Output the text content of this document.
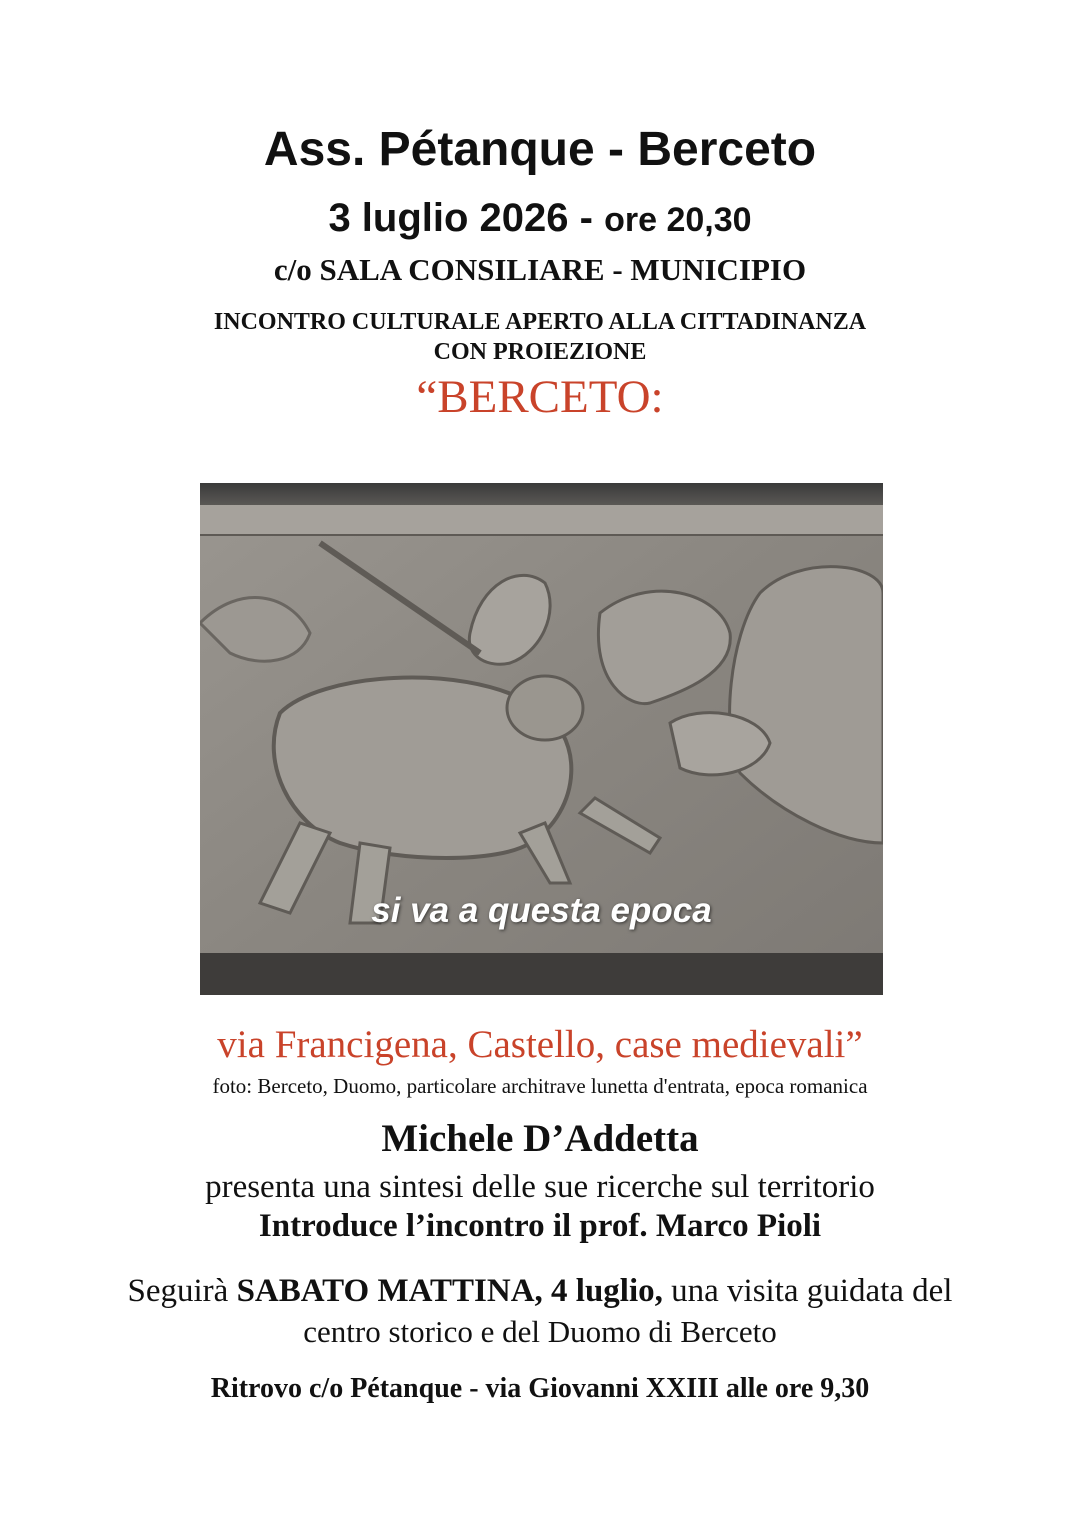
Ass. Pétanque - Berceto
3 luglio 2026 - ore 20,30
c/o SALA CONSILIARE - MUNICIPIO
INCONTRO CULTURALE APERTO ALLA CITTADINANZA
CON PROIEZIONE
“BERCETO:
si va a questa epoca
via Francigena, Castello, case medievali”
foto: Berceto, Duomo, particolare architrave lunetta d'entrata, epoca romanica
Michele D’Addetta
presenta una sintesi delle sue ricerche sul territorio
Introduce l’incontro il prof. Marco Pioli
Seguirà SABATO MATTINA, 4 luglio, una visita guidata del
centro storico e del Duomo di Berceto
Ritrovo c/o Pétanque - via Giovanni XXIII alle ore 9,30
